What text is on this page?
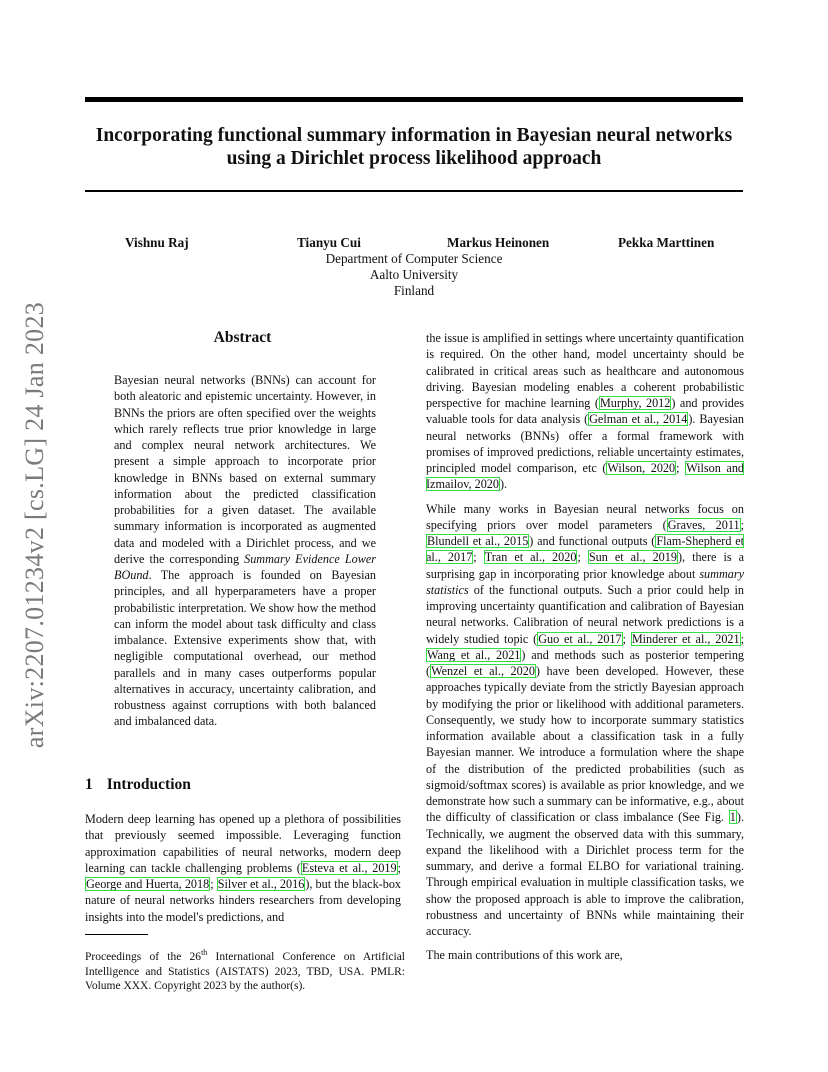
Incorporating functional summary information in Bayesian neural networks
using a Dirichlet process likelihood approach
Vishnu Raj	Tianyu Cui	Markus Heinonen	Pekka Marttinen
Department of Computer Science
Aalto University
Finland
arXiv:2207.01234v2 [cs.LG] 24 Jan 2023	Abstract
Bayesian neural networks (BNNs) can account for both aleatoric and epistemic uncertainty. However, in BNNs the priors are often specified over the weights which rarely reflects true prior knowledge in large and complex neural network architectures. We present a simple approach to incorporate prior knowledge in BNNs based on external summary information about the predicted classification probabilities for a given dataset. The available summary information is incorporated as augmented data and modeled with a Dirichlet process, and we derive the corresponding Summary Evidence Lower BOund. The approach is founded on Bayesian principles, and all hyperparameters have a proper probabilistic interpretation. We show how the method can inform the model about task difficulty and class imbalance. Extensive experiments show that, with negligible computational overhead, our method parallels and in many cases outperforms popular alternatives in accuracy, uncertainty calibration, and robustness against corruptions with both balanced and imbalanced data.
1 Introduction
Modern deep learning has opened up a plethora of possibilities that previously seemed impossible. Leveraging function approximation capabilities of neural networks, modern deep learning can tackle challenging problems (Esteva et al., 2019; George and Huerta, 2018; Silver et al., 2016), but the black-box nature of neural networks hinders researchers from developing insights into the model's predictions, and
Proceedings of the 26th International Conference on Artificial Intelligence and Statistics (AISTATS) 2023, TBD, USA. PMLR: Volume XXX. Copyright 2023 by the author(s).

the issue is amplified in settings where uncertainty quantification is required. On the other hand, model uncertainty should be calibrated in critical areas such as healthcare and autonomous driving. Bayesian modeling enables a coherent probabilistic perspective for machine learning (Murphy, 2012) and provides valuable tools for data analysis (Gelman et al., 2014). Bayesian neural networks (BNNs) offer a formal framework with promises of improved predictions, reliable uncertainty estimates, principled model comparison, etc (Wilson, 2020; Wilson and Izmailov, 2020).

While many works in Bayesian neural networks focus on specifying priors over model parameters (Graves, 2011; Blundell et al., 2015) and functional outputs (Flam-Shepherd et al., 2017; Tran et al., 2020; Sun et al., 2019), there is a surprising gap in incorporating prior knowledge about summary statistics of the functional outputs. Such a prior could help in improving uncertainty quantification and calibration of Bayesian neural networks. Calibration of neural network predictions is a widely studied topic (Guo et al., 2017; Minderer et al., 2021; Wang et al., 2021) and methods such as posterior tempering (Wenzel et al., 2020) have been developed. However, these approaches typically deviate from the strictly Bayesian approach by modifying the prior or likelihood with additional parameters. Consequently, we study how to incorporate summary statistics information available about a classification task in a fully Bayesian manner. We introduce a formulation where the shape of the distribution of the predicted probabilities (such as sigmoid/softmax scores) is available as prior knowledge, and we demonstrate how such a summary can be informative, e.g., about the difficulty of classification or class imbalance (See Fig. 1). Technically, we augment the observed data with this summary, expand the likelihood with a Dirichlet process term for the summary, and derive a formal ELBO for variational training. Through empirical evaluation in multiple classification tasks, we show the proposed approach is able to improve the calibration, robustness and uncertainty of BNNs while maintaining their accuracy.

The main contributions of this work are,
